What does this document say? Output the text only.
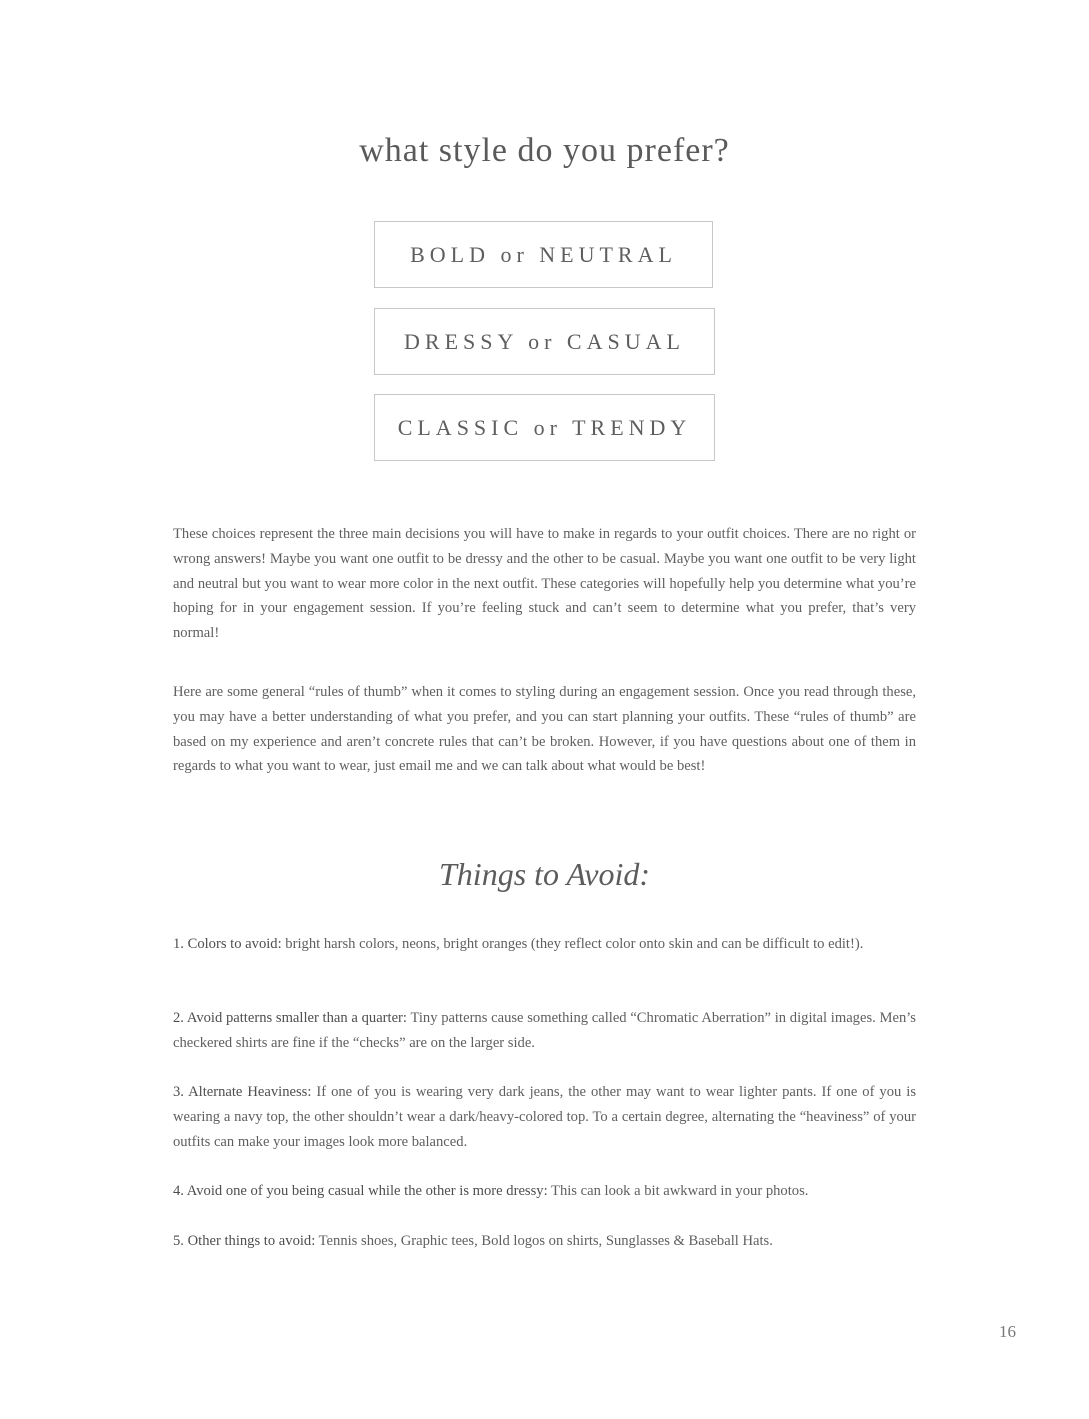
what style do you prefer?
BOLD or NEUTRAL
DRESSY or CASUAL
CLASSIC or TRENDY

These choices represent the three main decisions you will have to make in regards to your outfit choices. There are no right or wrong answers! Maybe you want one outfit to be dressy and the other to be casual. Maybe you want one outfit to be very light and neutral but you want to wear more color in the next outfit. These categories will hopefully help you determine what you’re hoping for in your engagement session. If you’re feeling stuck and can’t seem to determine what you prefer, that’s very normal!

Here are some general “rules of thumb” when it comes to styling during an engagement session. Once you read through these, you may have a better understanding of what you prefer, and you can start planning your outfits. These “rules of thumb” are based on my experience and aren’t concrete rules that can’t be broken. However, if you have questions about one of them in regards to what you want to wear, just email me and we can talk about what would be best!

Things to Avoid:

1. Colors to avoid: bright harsh colors, neons, bright oranges (they reflect color onto skin and can be difficult to edit!).

2. Avoid patterns smaller than a quarter: Tiny patterns cause something called “Chromatic Aberration” in digital images. Men’s checkered shirts are fine if the “checks” are on the larger side.

3. Alternate Heaviness: If one of you is wearing very dark jeans, the other may want to wear lighter pants. If one of you is wearing a navy top, the other shouldn’t wear a dark/heavy-colored top. To a certain degree, alternating the “heaviness” of your outfits can make your images look more balanced.

4. Avoid one of you being casual while the other is more dressy: This can look a bit awkward in your photos.

5. Other things to avoid: Tennis shoes, Graphic tees, Bold logos on shirts, Sunglasses & Baseball Hats.

16
